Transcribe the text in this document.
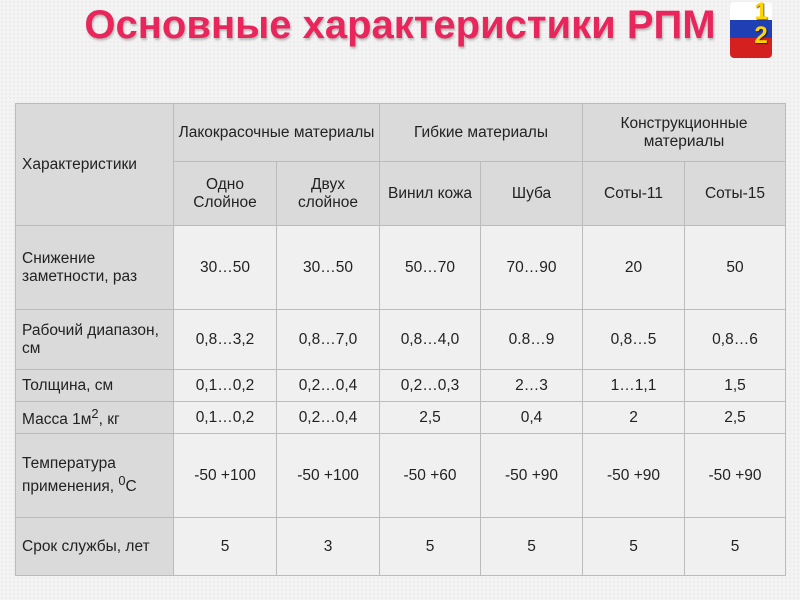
Основные характеристики РПМ	1
2
Характеристики	Лакокрасочные материалы		Гибкие материалы		Конструкционные материалы	
	Одно Слойное	Двух слойное	Винил кожа	Шуба	Соты-11	Соты-15
Снижение заметности, раз	30…50	30…50	50…70	70…90	20	50
Рабочий диапазон, см	0,8…3,2	0,8…7,0	0,8…4,0	0.8…9	0,8…5	0,8…6
Толщина, см	0,1…0,2	0,2…0,4	0,2…0,3	2…3	1…1,1	1,5
Масса $1м^2$, кг	0,1…0,2	0,2…0,4	2,5	0,4	2	2,5
Температура применения, $^0$С	-50 +100	-50 +100	-50 +60	-50 +90	-50 +90	-50 +90
Срок службы, лет	5	3	5	5	5	5
